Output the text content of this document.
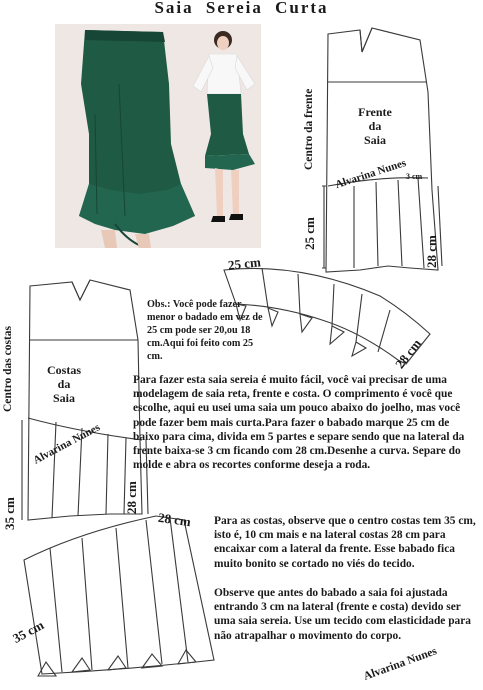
Saia Sereia Curta
Centro da frente	Frente
da
Saia
Alvarina Nunes
3 cm
25 cm
28 cm
25 cm
28 cm
Centro das costas	Costas
da
Saia
Alvarina Nunes
28 cm
35 cm	28 cm
35 cm

Obs.: Você pode fazer menor o badado em vez de 25 cm pode ser 20,ou 18 cm.Aqui foi feito com 25 cm.

Para fazer esta saia sereia é muito fácil, você vai precisar de uma modelagem de saia reta, frente e costa. O comprimento é você que escolhe, aqui eu usei uma saia um pouco abaixo do joelho, mas você pode fazer bem mais curta.Para fazer o babado marque 25 cm de baixo para cima, divida em 5 partes e separe sendo que na lateral da frente baixa-se 3 cm ficando com 28 cm.Desenhe a curva. Separe do molde e abra os recortes conforme deseja a roda.

Para as costas, observe que o centro costas tem 35 cm, isto é, 10 cm mais e na lateral costas 28 cm para encaixar com a lateral da frente. Esse babado fica muito bonito se cortado no viés do tecido.

Observe que antes do babado a saia foi ajustada entrando 3 cm na lateral (frente e costa) devido ser uma saia sereia. Use um tecido com elasticidade para não atrapalhar o movimento do corpo.

Alvarina Nunes
